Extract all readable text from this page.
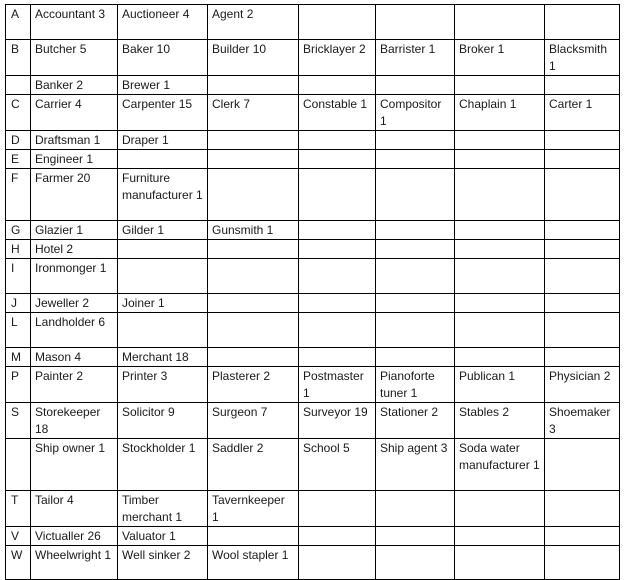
A	Accountant 3	Auctioneer 4	Agent 2				
B	Butcher 5	Baker 10	Builder 10	Bricklayer 2	Barrister 1	Broker 1	Blacksmith 1
	Banker 2	Brewer 1					
C	Carrier 4	Carpenter 15	Clerk 7	Constable 1	Compositor 1	Chaplain 1	Carter 1
D	Draftsman 1	Draper 1					
E	Engineer 1						
F	Farmer 20	Furniture manufacturer 1					
G	Glazier 1	Gilder 1	Gunsmith 1				
H	Hotel 2						
I	Ironmonger 1						
J	Jeweller 2	Joiner 1					
L	Landholder 6						
M	Mason 4	Merchant 18					
P	Painter 2	Printer 3	Plasterer 2	Postmaster 1	Pianoforte tuner 1	Publican 1	Physician 2
S	Storekeeper 18	Solicitor 9	Surgeon 7	Surveyor 19	Stationer 2	Stables 2	Shoemaker 3
	Ship owner 1	Stockholder 1	Saddler 2	School 5	Ship agent 3	Soda water manufacturer 1	
T	Tailor 4	Timber merchant 1	Tavernkeeper 1				
V	Victualler 26	Valuator 1					
W	Wheelwright 1	Well sinker 2	Wool stapler 1				
